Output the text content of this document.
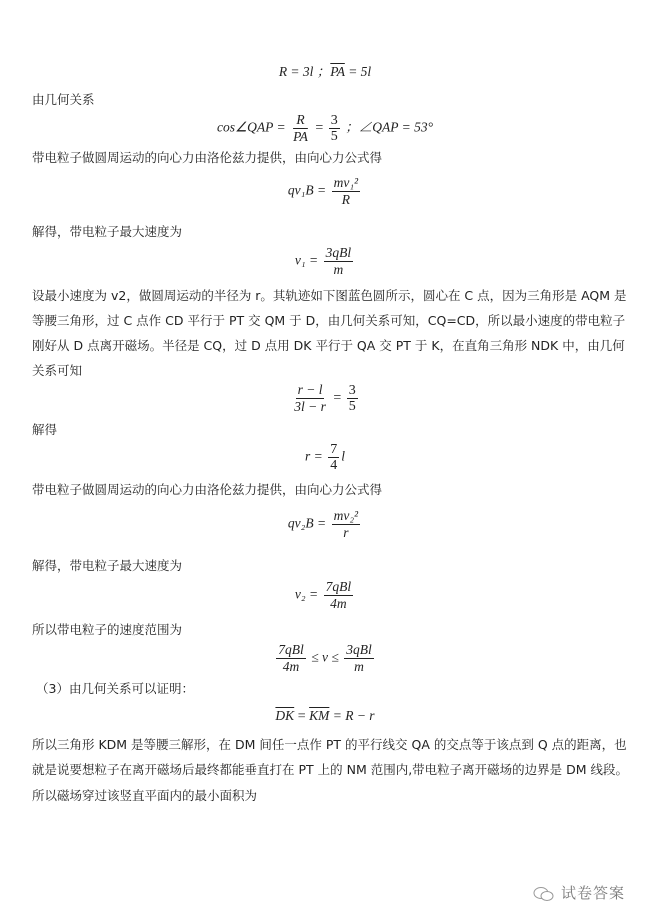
R = 3l ；$\overline{PA} = 5l$
由几何关系
cos∠QAP = $\frac{R}{PA} = \frac{3}{5}$ ；∠QAP = 53°
带电粒子做圆周运动的向心力由洛伦兹力提供，由向心力公式得
$qv_1B = \frac{\text{mv₁²}}{R}$
解得，带电粒子最大速度为
$v_1 = \frac{\text{3qBl}}{m}$
设最小速度为 v2，做圆周运动的半径为 r。其轨迹如下图蓝色圆所示，圆心在 C 点，因为三角形是 AQM 是
等腰三角形，过 C 点作 CD 平行于 PT 交 QM 于 D，由几何关系可知，CQ=CD，所以最小速度的带电粒子
刚好从 D 点离开磁场。半径是 CQ，过 D 点用 DK 平行于 QA 交 PT 于 K，在直角三角形 NDK 中，由几何
关系可知
$\frac{r - l}{3l - r} = \frac{3}{5}$
解得
$r = \frac{7}{4}$ l
带电粒子做圆周运动的向心力由洛伦兹力提供，由向心力公式得
$qv_2B = \frac{\text{mv₂²}}{r}$
解得，带电粒子最大速度为
$v_2 = \frac{\text{7qBl}}{4m}$
所以带电粒子的速度范围为
$\frac{\text{7qBl}}{4m} \le v \le \frac{\text{3qBl}}{m}$
（3）由几何关系可以证明：
$\overline{DK} = \overline{KM} = R - r$
所以三角形 KDM 是等腰三解形，在 DM 间任一点作 PT 的平行线交 QA 的交点等于该点到 Q 点的距离，也
就是说要想粒子在离开磁场后最终都能垂直打在 PT 上的 NM 范围内,带电粒子离开磁场的边界是 DM 线段。
所以磁场穿过该竖直平面内的最小面积为
试卷答案
